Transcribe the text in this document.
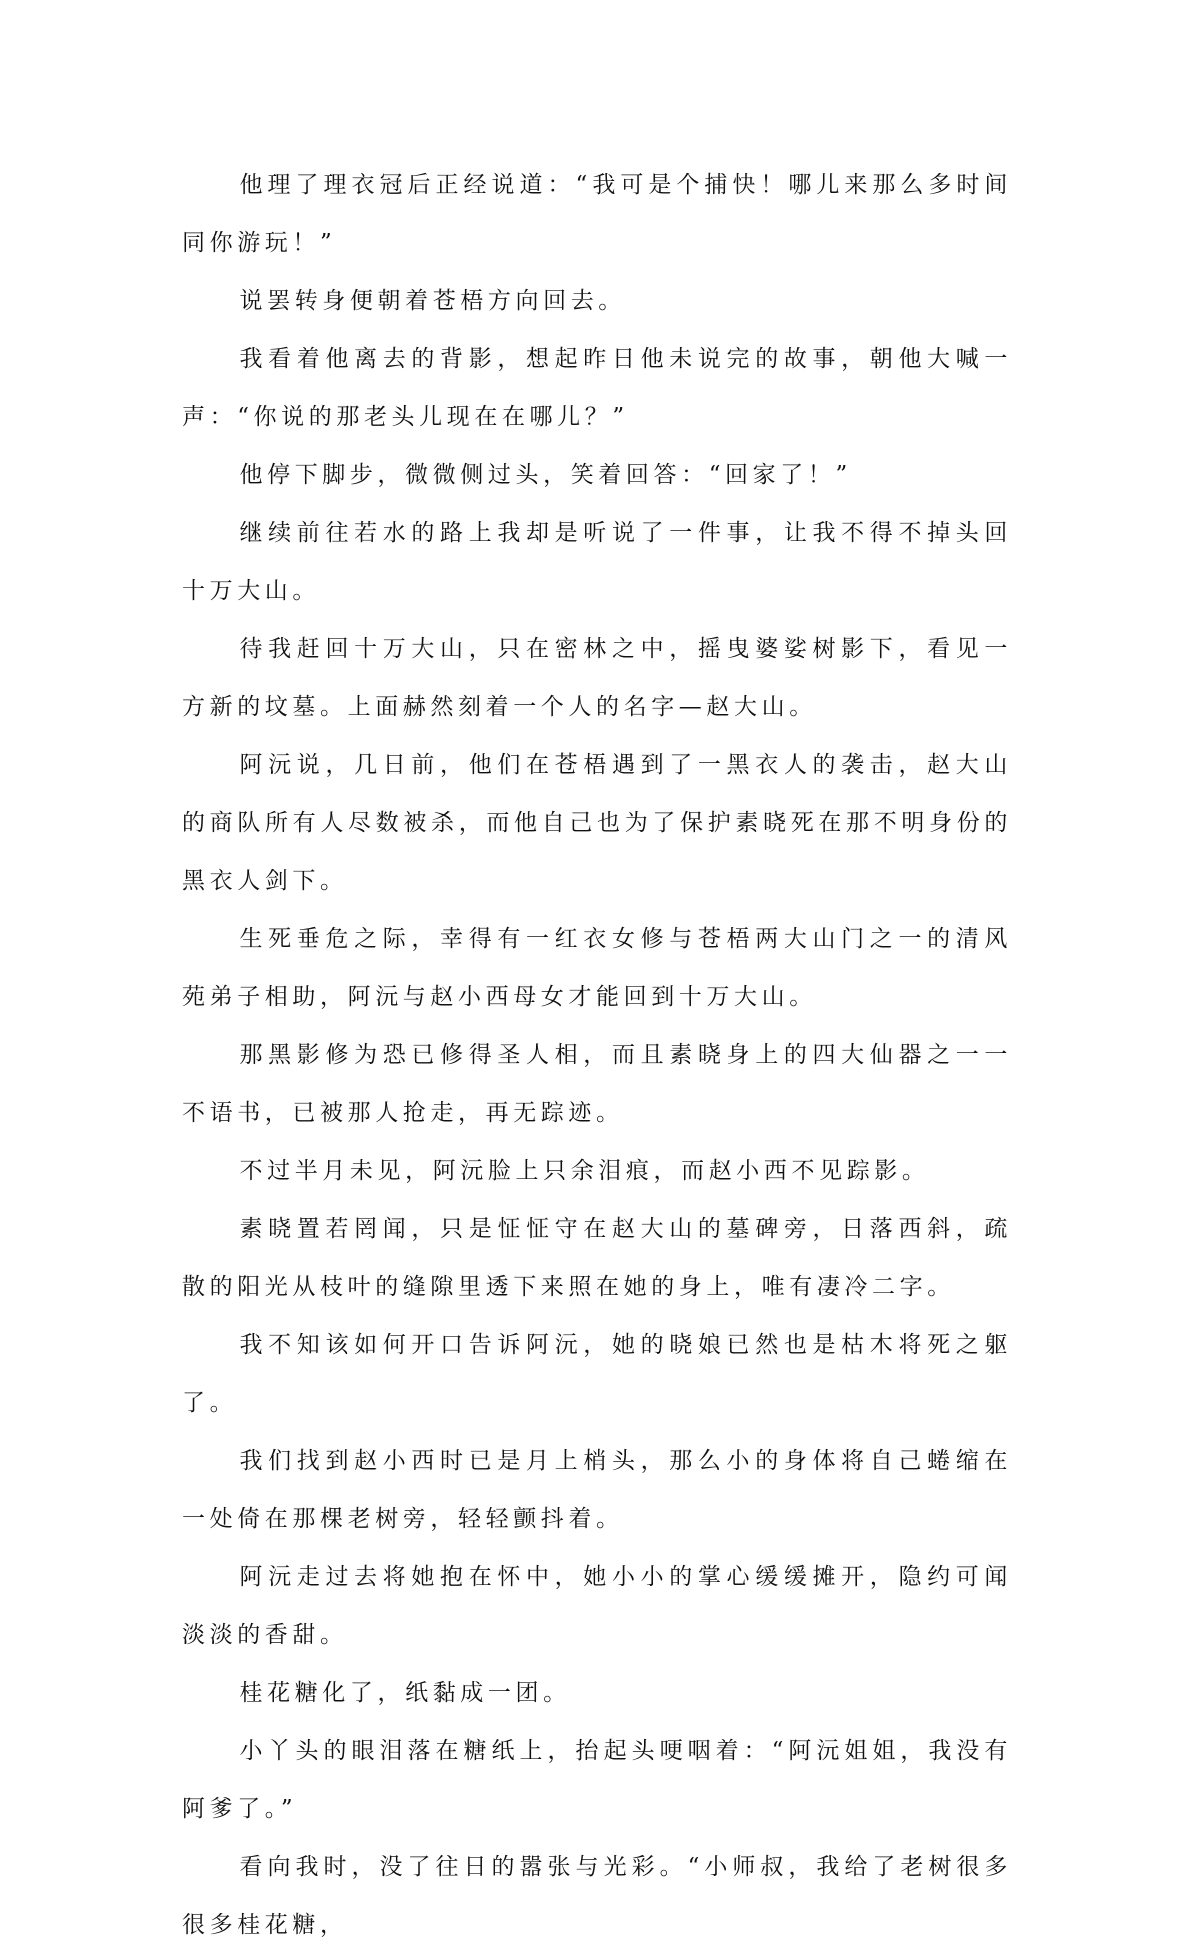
他理了理衣冠后正经说道：“我可是个捕快！哪儿来那么多时间同你游玩！”

说罢转身便朝着苍梧方向回去。

我看着他离去的背影，想起昨日他未说完的故事，朝他大喊一声：“你说的那老头儿现在在哪儿？”

他停下脚步，微微侧过头，笑着回答：“回家了！”

继续前往若水的路上我却是听说了一件事，让我不得不掉头回十万大山。

待我赶回十万大山，只在密林之中，摇曳婆娑树影下，看见一方新的坟墓。上面赫然刻着一个人的名字—赵大山。

阿沅说，几日前，他们在苍梧遇到了一黑衣人的袭击，赵大山的商队所有人尽数被杀，而他自己也为了保护素晓死在那不明身份的黑衣人剑下。

生死垂危之际，幸得有一红衣女修与苍梧两大山门之一的清风苑弟子相助，阿沅与赵小西母女才能回到十万大山。

那黑影修为恐已修得圣人相，而且素晓身上的四大仙器之一一不语书，已被那人抢走，再无踪迹。

不过半月未见，阿沅脸上只余泪痕，而赵小西不见踪影。

素晓置若罔闻，只是怔怔守在赵大山的墓碑旁，日落西斜，疏散的阳光从枝叶的缝隙里透下来照在她的身上，唯有凄冷二字。

我不知该如何开口告诉阿沅，她的晓娘已然也是枯木将死之躯了。

我们找到赵小西时已是月上梢头，那么小的身体将自己蜷缩在一处倚在那棵老树旁，轻轻颤抖着。

阿沅走过去将她抱在怀中，她小小的掌心缓缓摊开，隐约可闻淡淡的香甜。

桂花糖化了，纸黏成一团。

小丫头的眼泪落在糖纸上，抬起头哽咽着：“阿沅姐姐，我没有阿爹了。”

看向我时，没了往日的嚣张与光彩。“小师叔，我给了老树很多很多桂花糖，
